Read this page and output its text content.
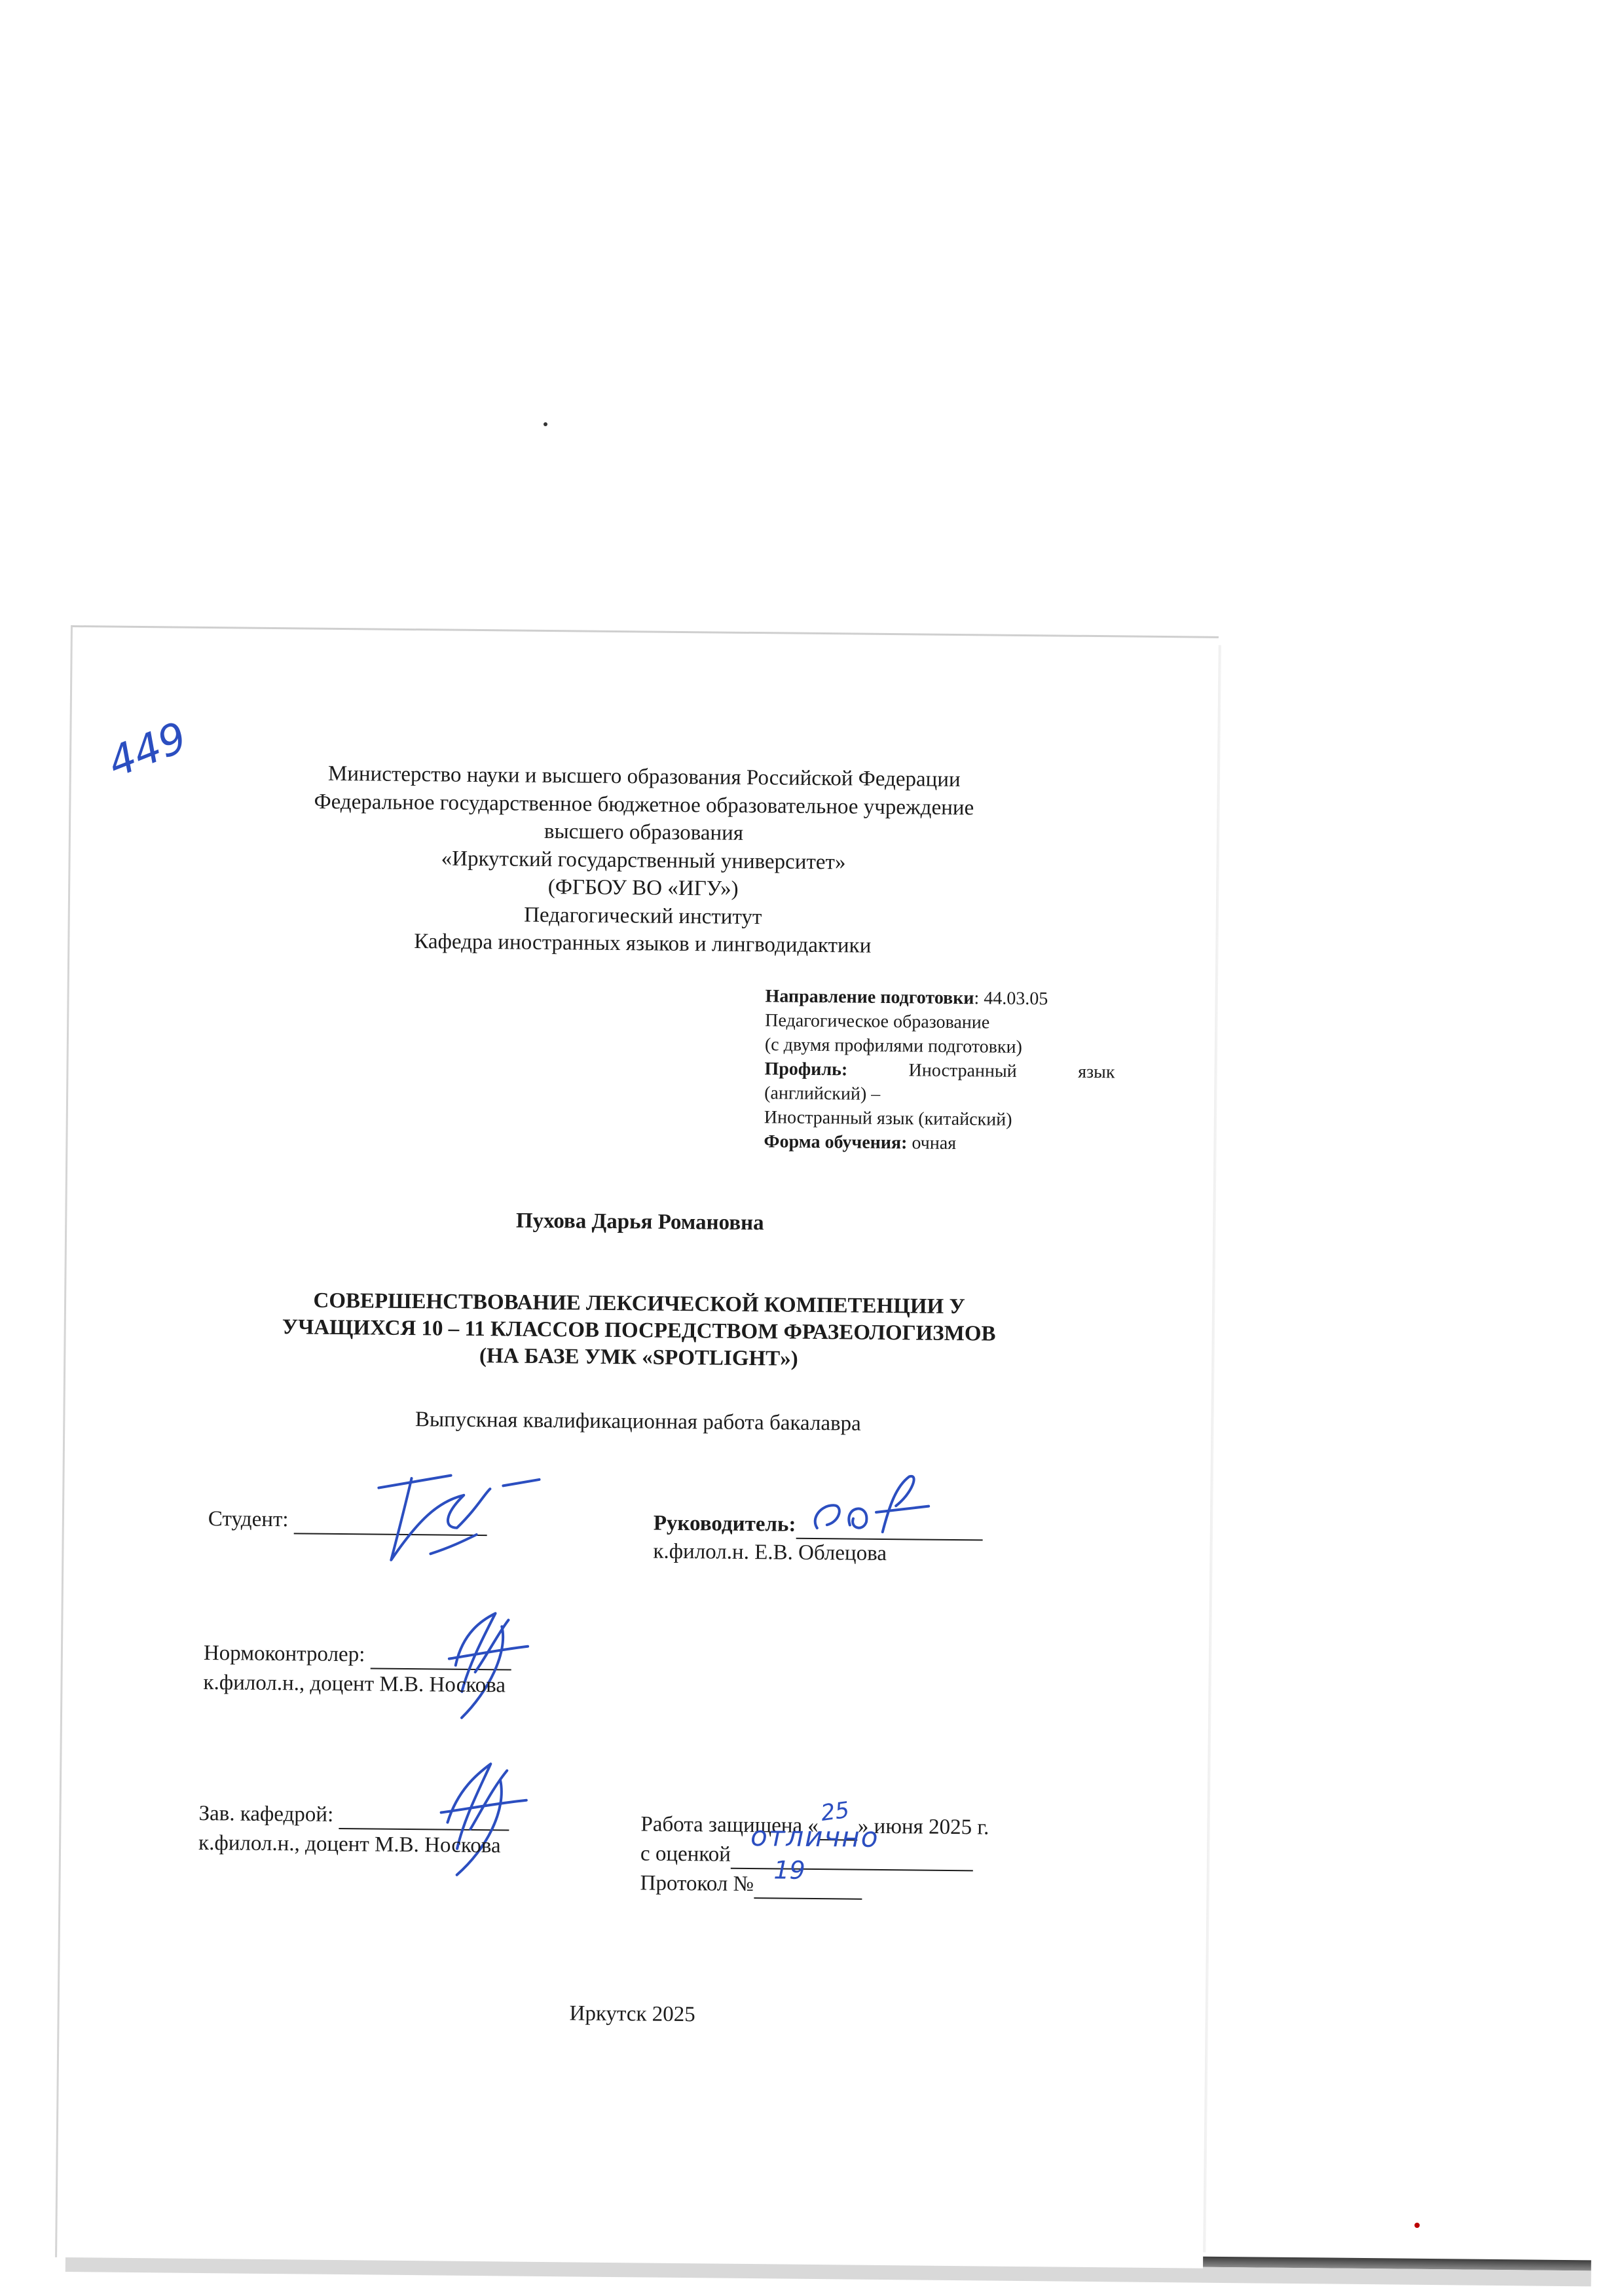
449	Министерство науки и высшего образования Российской Федерации
Федеральное государственное бюджетное образовательное учреждение
высшего образования
«Иркутский государственный университет»
(ФГБОУ ВО «ИГУ»)
Педагогический институт
Кафедра иностранных языков и лингводидактики
Направление подготовки: 44.03.05
Педагогическое образование
(с двумя профилями подготовки)
Профиль:	Иностранный	язык
(английский) –
Иностранный язык (китайский)
Форма обучения: очная
Пухова Дарья Романовна
СОВЕРШЕНСТВОВАНИЕ ЛЕКСИЧЕСКОЙ КОМПЕТЕНЦИИ У
УЧАЩИХСЯ 10 – 11 КЛАССОВ ПОСРЕДСТВОМ ФРАЗЕОЛОГИЗМОВ
(НА БАЗЕ УМК «SPOTLIGHT»)
Выпускная квалификационная работа бакалавра
Студент:	Руководитель:
к.филол.н. Е.В. Облецова
Нормоконтролер:
к.филол.н., доцент М.В. Носкова
Зав. кафедрой:
к.филол.н., доцент М.В. Носкова
Работа защищена « 25
» июня 2025 г.
с оценкой
отлично

Протокол № 19

Иркутск 2025
